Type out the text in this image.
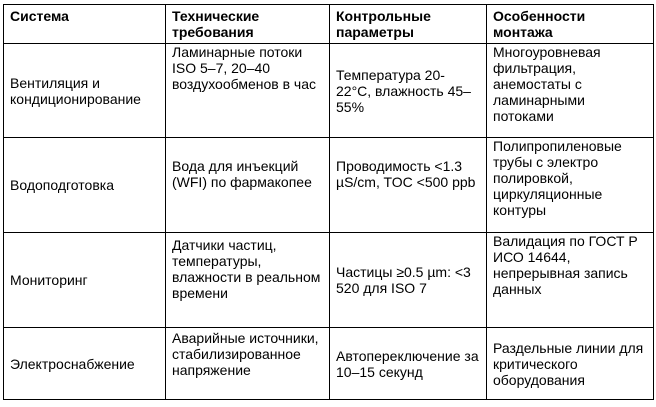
Система	Технические требования	Контрольные параметры	Особенности монтажа
Вентиляция и кондиционирование	Ламинарные потоки ISO 5–7, 20–40 воздухообменов в час	Температура 20-22°С, влажность 45–55%	Многоуровневая фильтрация, анемостаты с ламинарными потоками
Водоподготовка	Вода для инъекций (WFI) по фармакопее	Проводимость <1.3 µS/cm, TOC <500 ppb	Полипропиленовые трубы с электро полировкой, циркуляционные контуры
Мониторинг	Датчики частиц, температуры, влажности в реальном времени	Частицы ≥0.5 µm: <3 520 для ISO 7	Валидация по ГОСТ Р ИСО 14644, непрерывная запись данных
Электроснабжение	Аварийные источники, стабилизированное напряжение	Автопереключение за 10–15 секунд	Раздельные линии для критического оборудования
